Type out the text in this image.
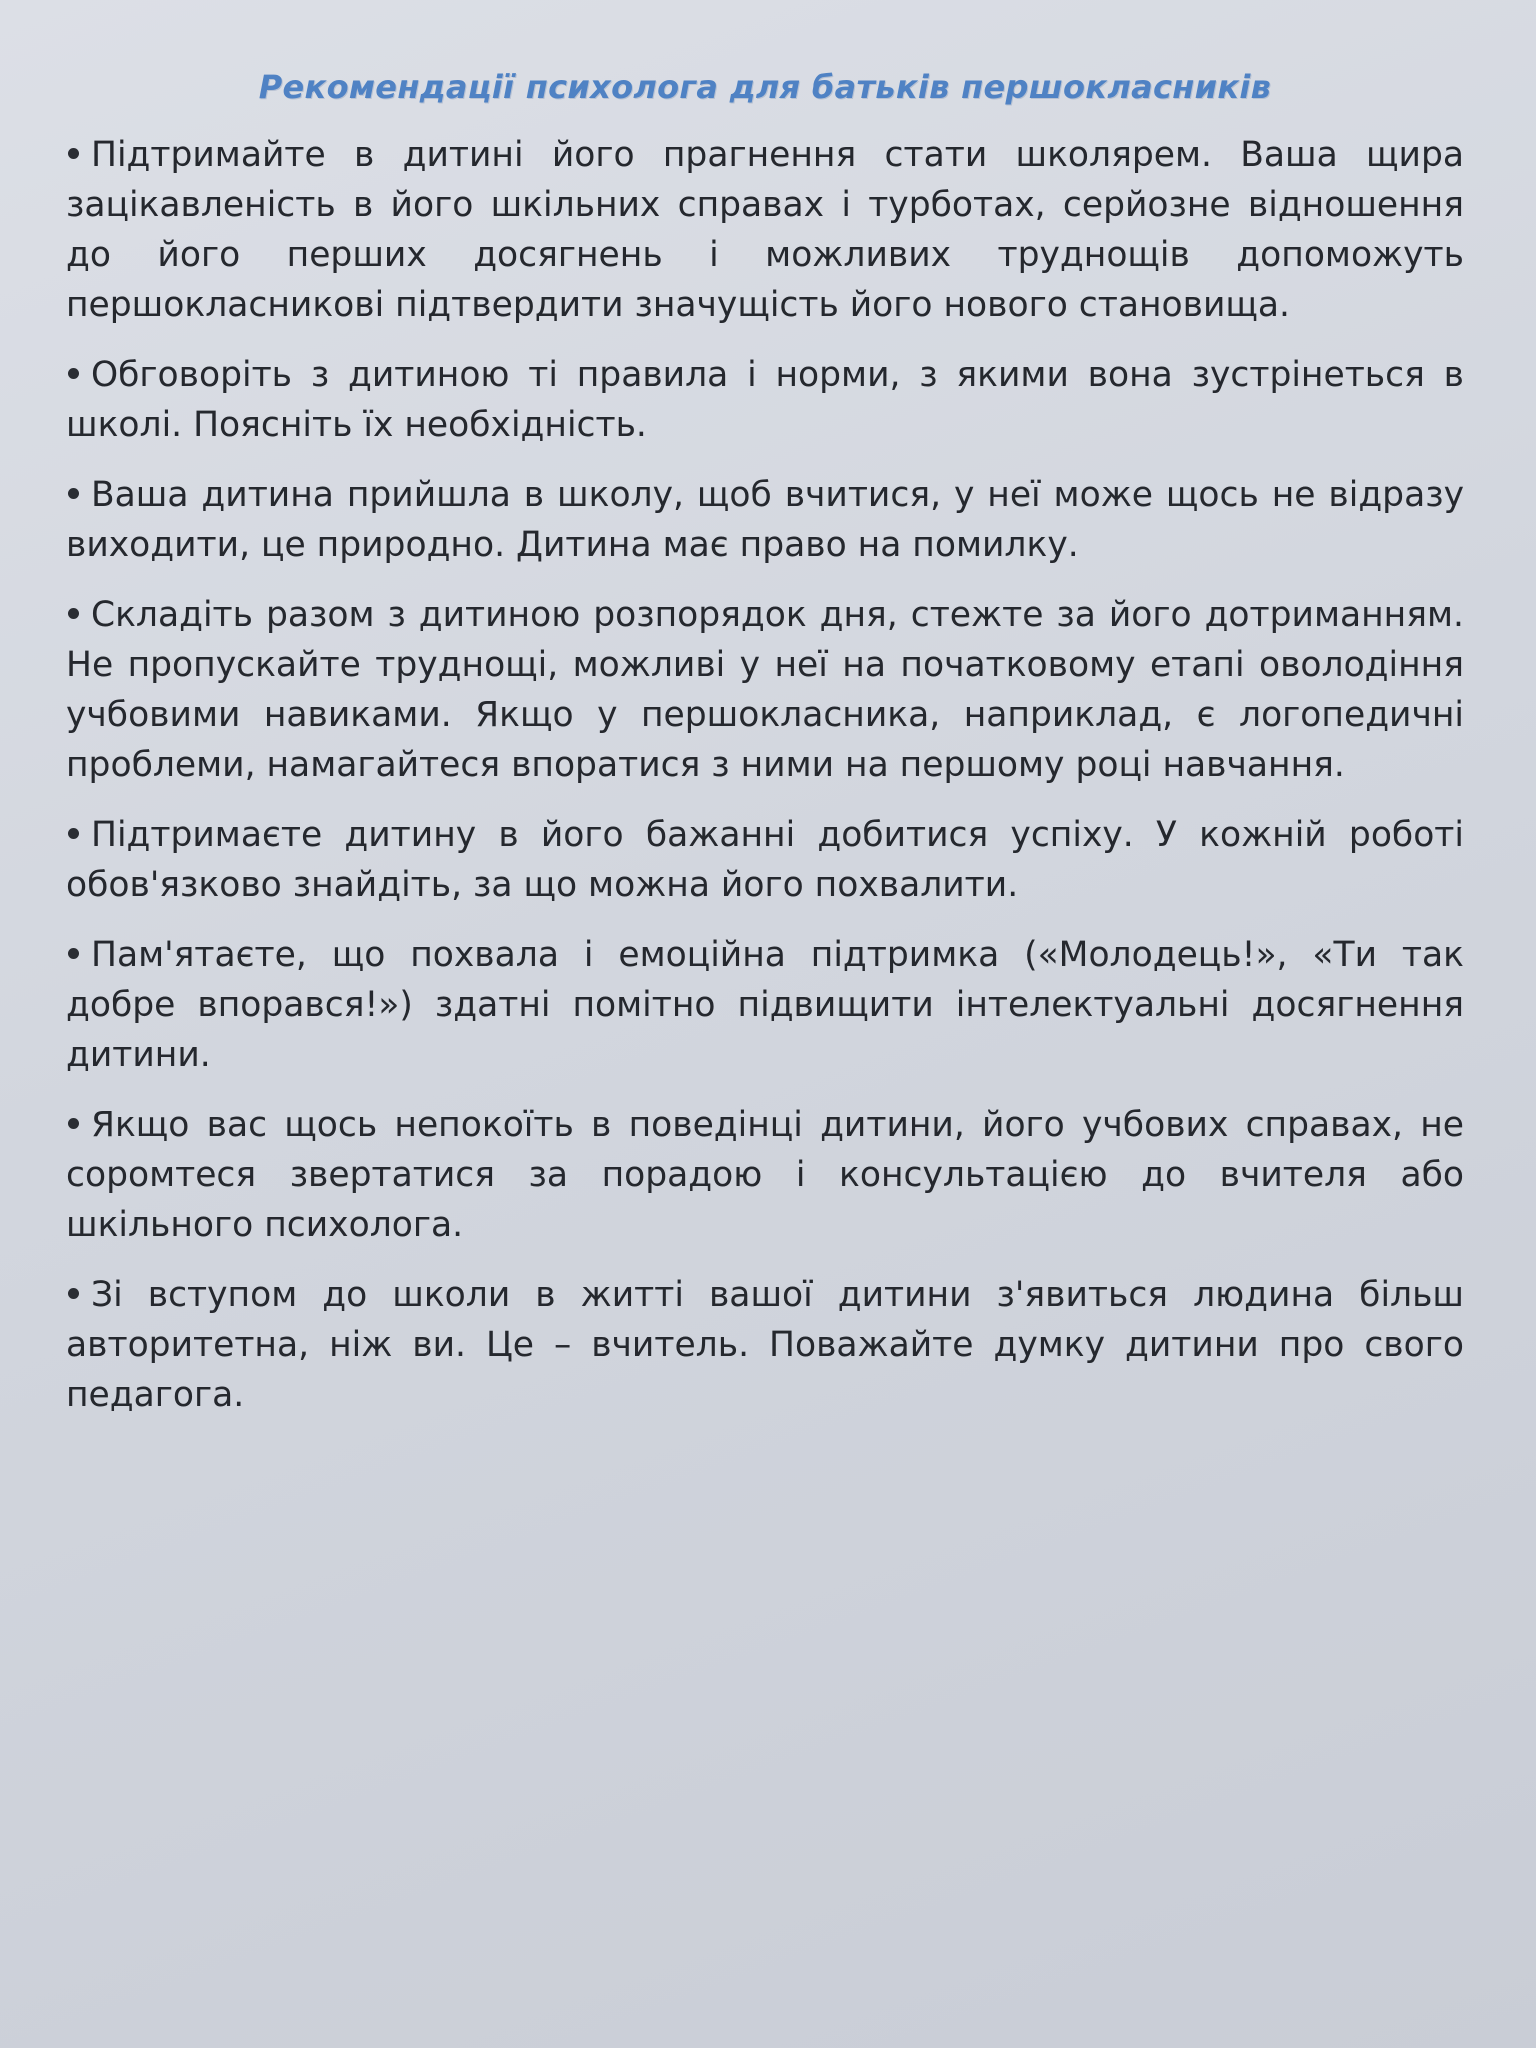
Рекомендації психолога для батьків першокласників
Підтримайте в дитині його прагнення стати школярем. Ваша щира зацікавленість в його шкільних справах і турботах, серйозне відношення до його перших досягнень і можливих труднощів допоможуть першокласникові підтвердити значущість його нового становища.
Обговоріть з дитиною ті правила і норми, з якими вона зустрінеться в школі. Поясніть їх необхідність.
Ваша дитина прийшла в школу, щоб вчитися, у неї може щось не відразу виходити, це природно. Дитина має право на помилку.
Складіть разом з дитиною розпорядок дня, стежте за його дотриманням. Не пропускайте труднощі, можливі у неї на початковому етапі оволодіння учбовими навиками. Якщо у першокласника, наприклад, є логопедичні проблеми, намагайтеся впоратися з ними на першому році навчання.
Підтримаєте дитину в його бажанні добитися успіху. У кожній роботі обов'язково знайдіть, за що можна його похвалити.
Пам'ятаєте, що похвала і емоційна підтримка («Молодець!», «Ти так добре впорався!») здатні помітно підвищити інтелектуальні досягнення дитини.
Якщо вас щось непокоїть в поведінці дитини, його учбових справах, не соромтеся звертатися за порадою і консультацією до вчителя або шкільного психолога.
Зі вступом до школи в житті вашої дитини з'явиться людина більш авторитетна, ніж ви. Це – вчитель. Поважайте думку дитини про свого педагога.
